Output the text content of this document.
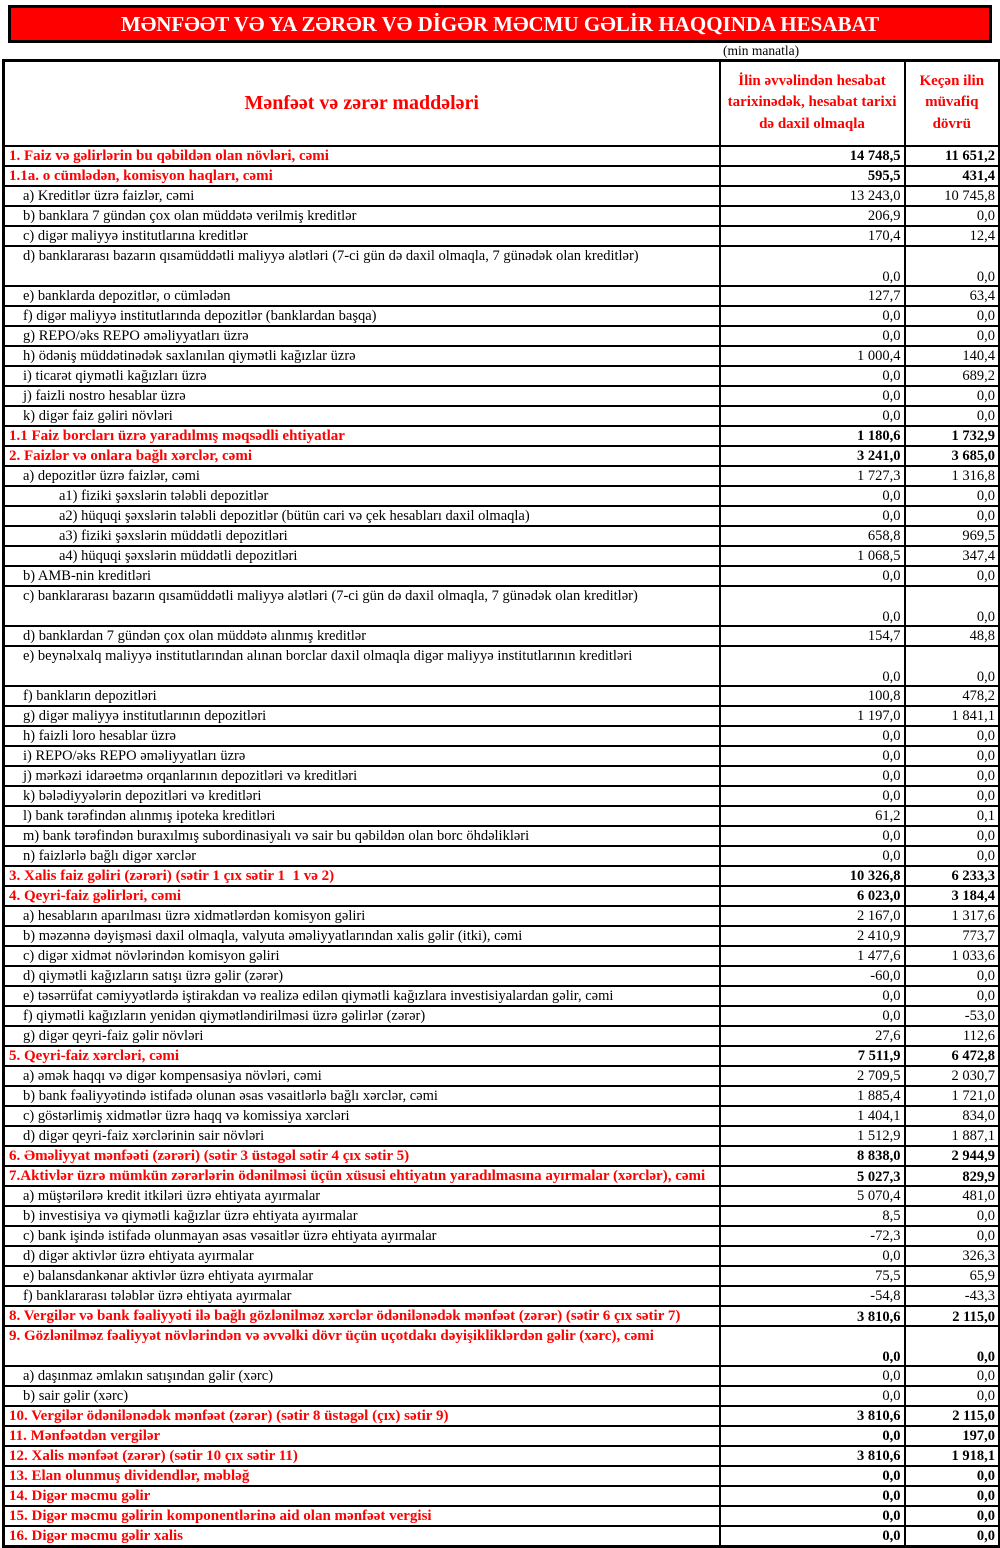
MƏNFƏƏT VƏ YA ZƏRƏR VƏ DİGƏR MƏCMU GƏLİR HAQQINDA HESABAT
(min manatla)
Mənfəət və zərər maddələri	İlin əvvəlindən hesabat tarixinədək, hesabat tarixi də daxil olmaqla	Keçən ilin müvafiq dövrü

1. Faiz və gəlirlərin bu qəbildən olan növləri, cəmi	14 748,5	11 651,2

1.1a. o cümlədən, komisyon haqları, cəmi	595,5	431,4

a) Kreditlər üzrə faizlər, cəmi	13 243,0	10 745,8

b) banklara 7 gündən çox olan müddətə verilmiş kreditlər	206,9	0,0

c) digər maliyyə institutlarına kreditlər	170,4	12,4

d) banklararası bazarın qısamüddətli maliyyə alətləri (7-ci gün də daxil olmaqla, 7 günədək olan kreditlər)	0,0	0,0

e) banklarda depozitlər, o cümlədən	127,7	63,4

f) digər maliyyə institutlarında depozitlər (banklardan başqa)	0,0	0,0

g) REPO/əks REPO əməliyyatları üzrə	0,0	0,0

h) ödəniş müddətinədək saxlanılan qiymətli kağızlar üzrə	1 000,4	140,4

i) ticarət qiymətli kağızları üzrə	0,0	689,2

j) faizli nostro hesablar üzrə	0,0	0,0

k) digər faiz gəliri növləri	0,0	0,0

1.1 Faiz borcları üzrə yaradılmış məqsədli ehtiyatlar	1 180,6	1 732,9

2. Faizlər və onlara bağlı xərclər, cəmi	3 241,0	3 685,0

a) depozitlər üzrə faizlər, cəmi	1 727,3	1 316,8

a1) fiziki şəxslərin tələbli depozitlər	0,0	0,0

a2) hüquqi şəxslərin tələbli depozitlər (bütün cari və çek hesabları daxil olmaqla)	0,0	0,0

a3) fiziki şəxslərin müddətli depozitləri	658,8	969,5

a4) hüquqi şəxslərin müddətli depozitləri	1 068,5	347,4

b) AMB-nin kreditləri	0,0	0,0

c) banklararası bazarın qısamüddətli maliyyə alətləri (7-ci gün də daxil olmaqla, 7 günədək olan kreditlər)	0,0	0,0

d) banklardan 7 gündən çox olan müddətə alınmış kreditlər	154,7	48,8

e) beynəlxalq maliyyə institutlarından alınan borclar daxil olmaqla digər maliyyə institutlarının kreditləri	0,0	0,0

f) bankların depozitləri	100,8	478,2

g) digər maliyyə institutlarının depozitləri	1 197,0	1 841,1

h) faizli loro hesablar üzrə	0,0	0,0

i) REPO/əks REPO əməliyyatları üzrə	0,0	0,0

j) mərkəzi idarəetmə orqanlarının depozitləri və kreditləri	0,0	0,0

k) bələdiyyələrin depozitləri və kreditləri	0,0	0,0

l) bank tərəfindən alınmış ipoteka kreditləri	61,2	0,1

m) bank tərəfindən buraxılmış subordinasiyalı və sair bu qəbildən olan borc öhdəlikləri	0,0	0,0

n) faizlərlə bağlı digər xərclər	0,0	0,0

3. Xalis faiz gəliri (zərəri) (sətir 1 çıx sətir 1  1 və 2)	10 326,8	6 233,3

4. Qeyri-faiz gəlirləri, cəmi	6 023,0	3 184,4

a) hesabların aparılması üzrə xidmətlərdən komisyon gəliri	2 167,0	1 317,6

b) məzənnə dəyişməsi daxil olmaqla, valyuta əməliyyatlarından xalis gəlir (itki), cəmi	2 410,9	773,7

c) digər xidmət növlərindən komisyon gəliri	1 477,6	1 033,6

d) qiymətli kağızların satışı üzrə gəlir (zərər)	-60,0	0,0

e) təsərrüfat cəmiyyətlərdə iştirakdan və realizə edilən qiymətli kağızlara investisiyalardan gəlir, cəmi	0,0	0,0

f) qiymətli kağızların yenidən qiymətləndirilməsi üzrə gəlirlər (zərər)	0,0	-53,0

g) digər qeyri-faiz gəlir növləri	27,6	112,6

5. Qeyri-faiz xərcləri, cəmi	7 511,9	6 472,8

a) əmək haqqı və digər kompensasiya növləri, cəmi	2 709,5	2 030,7

b) bank fəaliyyətində istifadə olunan əsas vəsaitlərlə bağlı xərclər, cəmi	1 885,4	1 721,0

c) göstərlimiş xidmətlər üzrə haqq və komissiya xərcləri	1 404,1	834,0

d) digər qeyri-faiz xərclərinin sair növləri	1 512,9	1 887,1

6. Əməliyyat mənfəəti (zərəri) (sətir 3 üstəgəl sətir 4 çıx sətir 5)	8 838,0	2 944,9

7.Aktivlər üzrə mümkün zərərlərin ödənilməsi üçün xüsusi ehtiyatın yaradılmasına ayırmalar (xərclər), cəmi	5 027,3	829,9

a) müştərilərə kredit itkiləri üzrə ehtiyata ayırmalar	5 070,4	481,0

b) investisiya və qiymətli kağızlar üzrə ehtiyata ayırmalar	8,5	0,0

c) bank işində istifadə olunmayan əsas vəsaitlər üzrə ehtiyata ayırmalar	-72,3	0,0

d) digər aktivlər üzrə ehtiyata ayırmalar	0,0	326,3

e) balansdankənar aktivlər üzrə ehtiyata ayırmalar	75,5	65,9

f) banklararası tələblər üzrə ehtiyata ayırmalar	-54,8	-43,3

8. Vergilər və bank fəaliyyəti ilə bağlı gözlənilməz xərclər ödənilənədək mənfəət (zərər) (sətir 6 çıx sətir 7)	3 810,6	2 115,0

9. Gözlənilməz fəaliyyət növlərindən və əvvəlki dövr üçün uçotdakı dəyişikliklərdən gəlir (xərc), cəmi	0,0	0,0

a) daşınmaz əmlakın satışından gəlir (xərc)	0,0	0,0

b) sair gəlir (xərc)	0,0	0,0

10. Vergilər ödənilənədək mənfəət (zərər) (sətir 8 üstəgəl (çıx) sətir 9)	3 810,6	2 115,0

11. Mənfəətdən vergilər	0,0	197,0

12. Xalis mənfəət (zərər) (sətir 10 çıx sətir 11)	3 810,6	1 918,1

13. Elan olunmuş dividendlər, məbləğ	0,0	0,0

14. Digər məcmu gəlir	0,0	0,0

15. Digər məcmu gəlirin komponentlərinə aid olan mənfəət vergisi	0,0	0,0

16. Digər məcmu gəlir xalis	0,0	0,0
